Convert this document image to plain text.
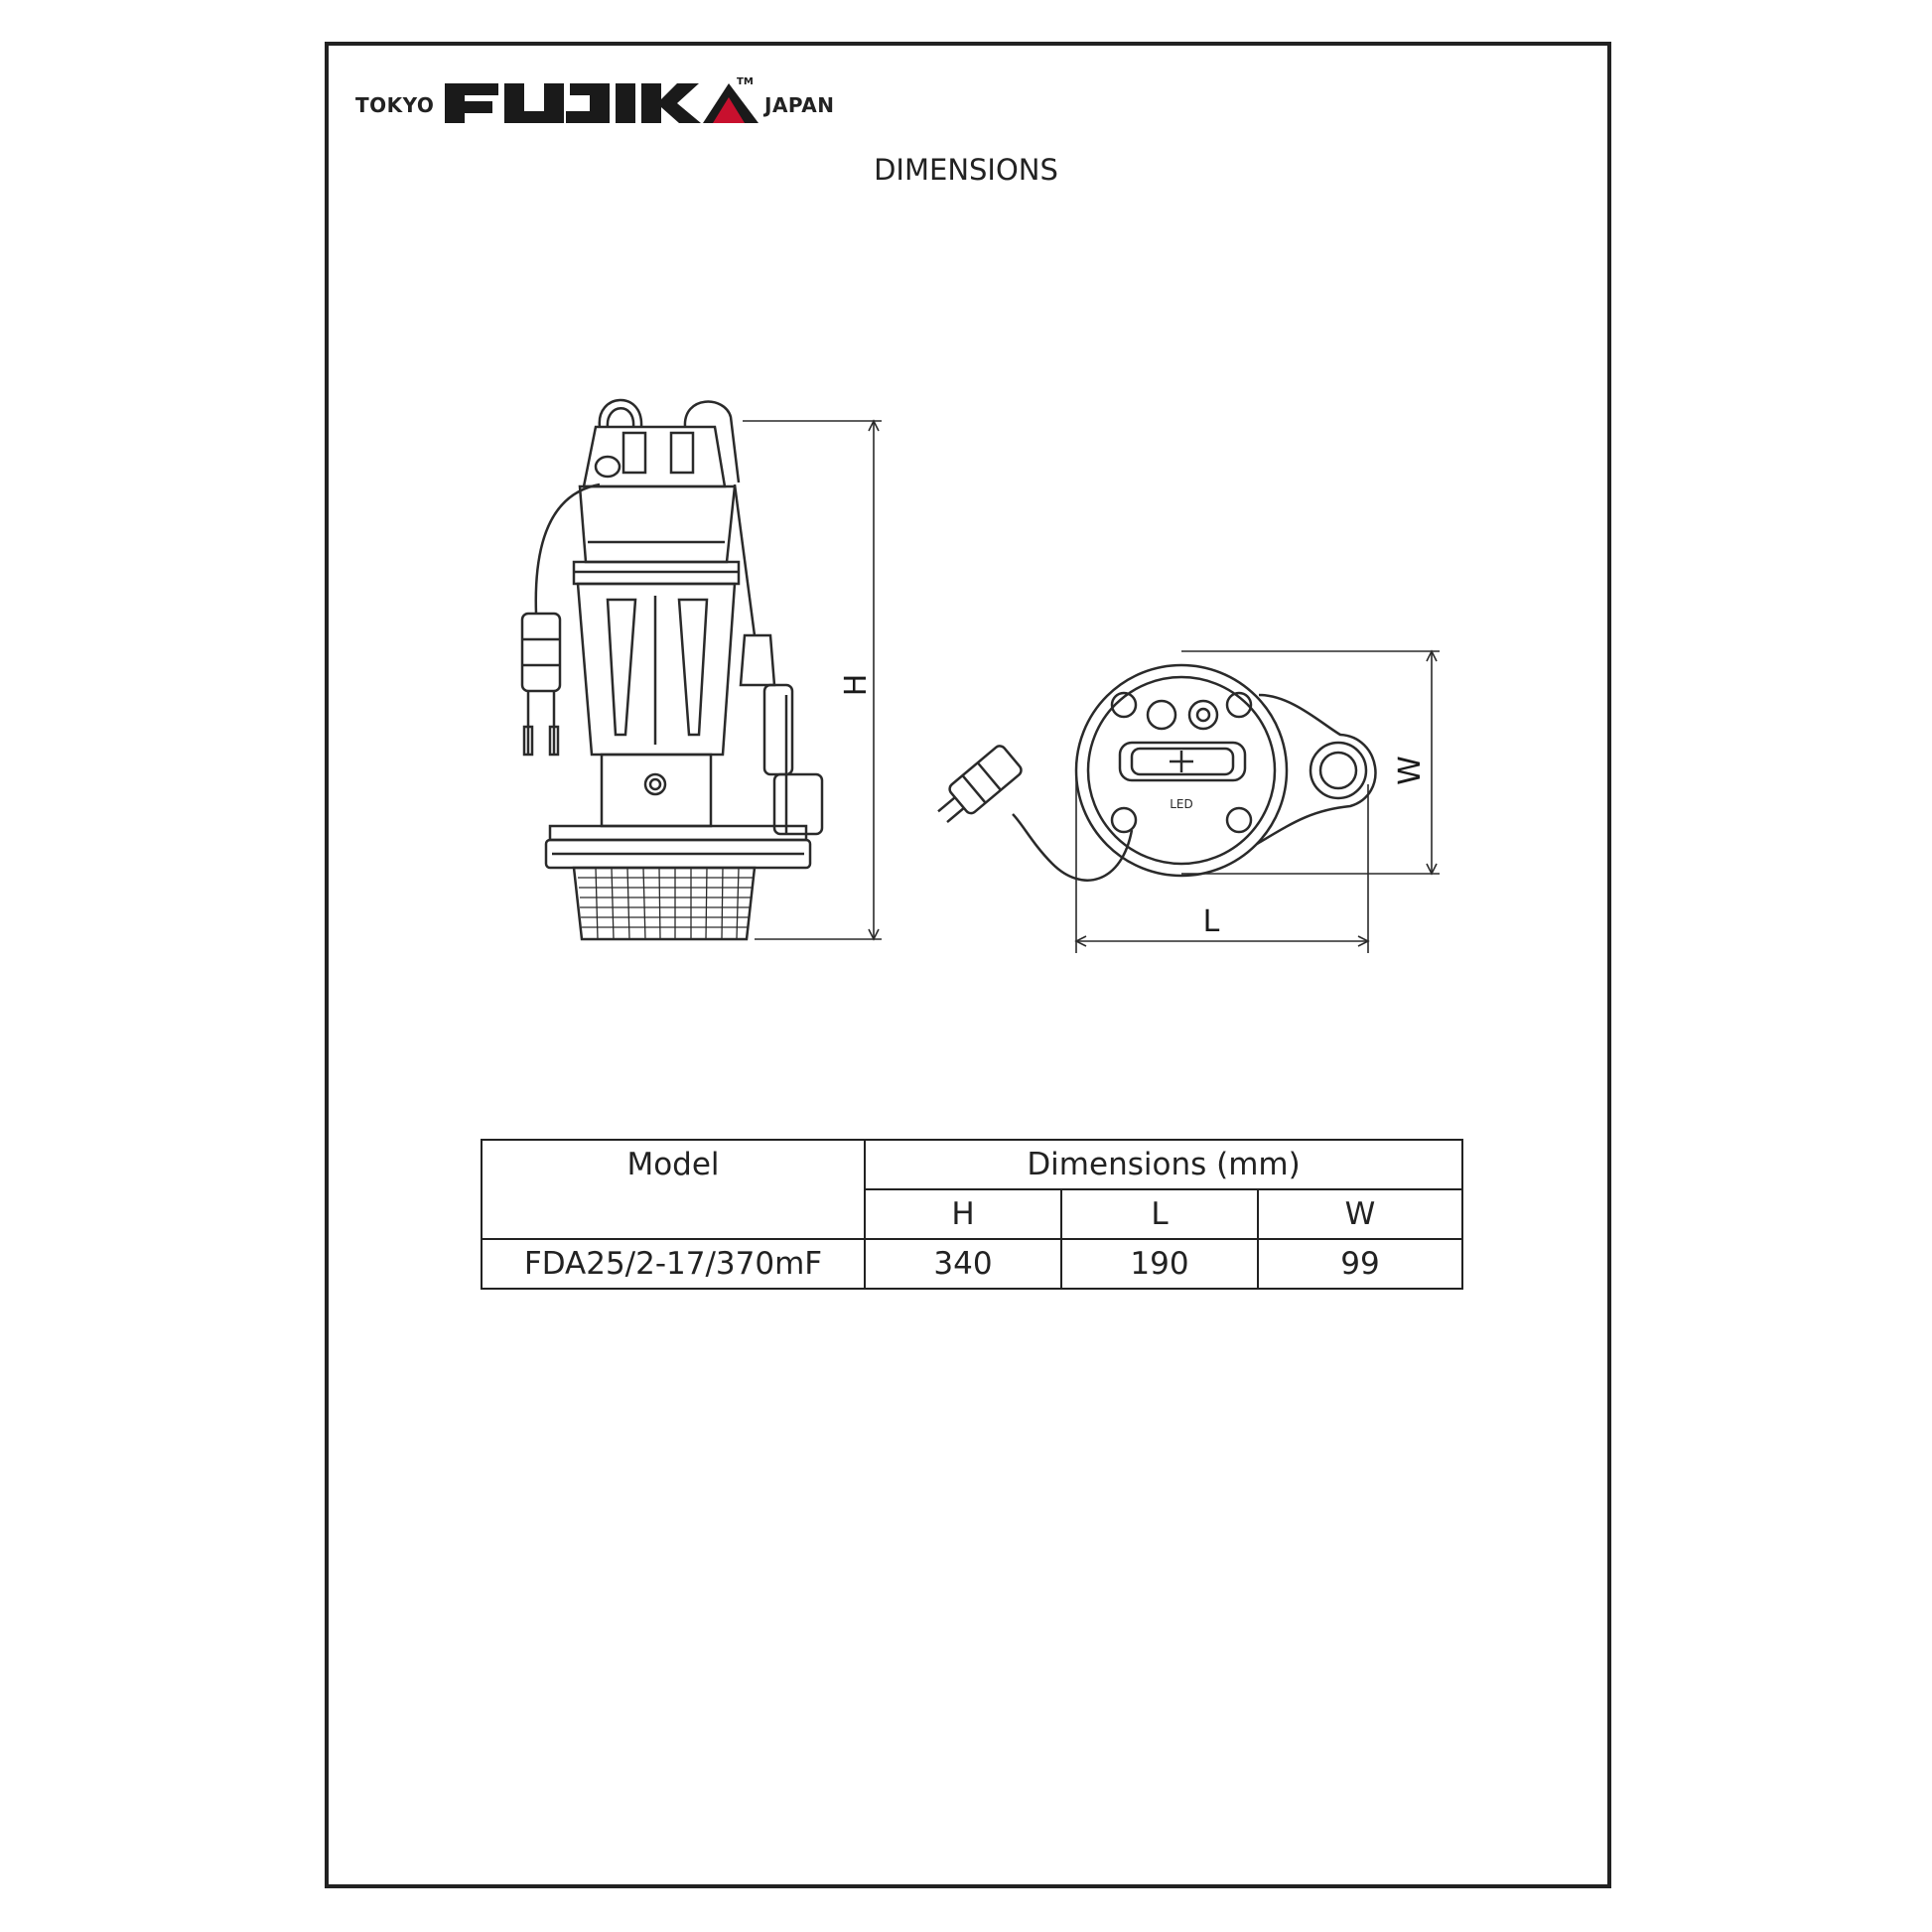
TOKYO
TM
JAPAN
DIMENSIONS
H
W
L
LED
Model	Dimensions (mm)		
	H	L	W
FDA25/2-17/370mF	340	190	99
